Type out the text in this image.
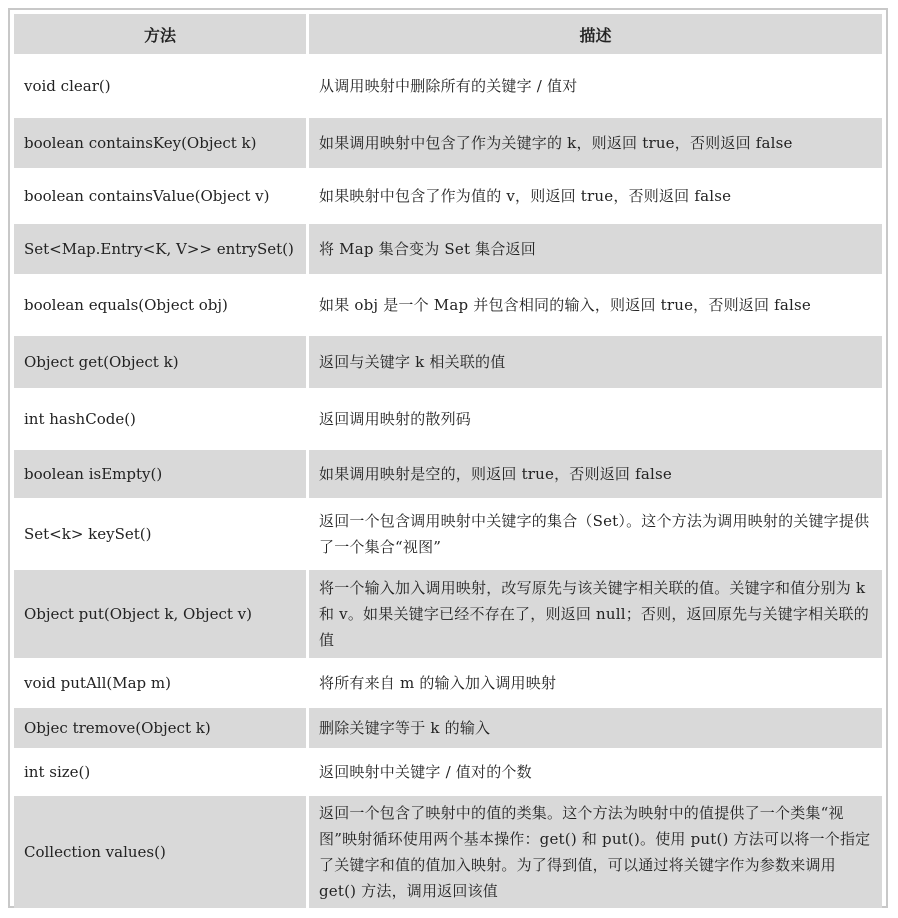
方法	描述
void clear()	从调用映射中删除所有的关键字 / 值对
boolean containsKey(Object k)	如果调用映射中包含了作为关键字的 k，则返回 true，否则返回 false
boolean containsValue(Object v)	如果映射中包含了作为值的 v，则返回 true，否则返回 false
Set<Map.Entry<K, V>> entrySet()	将 Map 集合变为 Set 集合返回
boolean equals(Object obj)	如果 obj 是一个 Map 并包含相同的输入，则返回 true，否则返回 false
Object get(Object k)	返回与关键字 k 相关联的值
int hashCode()	返回调用映射的散列码
boolean isEmpty()	如果调用映射是空的，则返回 true，否则返回 false
Set<k> keySet()	返回一个包含调用映射中关键字的集合（Set）。这个方法为调用映射的关键字提供了一个集合“视图”
Object put(Object k, Object v)	将一个输入加入调用映射，改写原先与该关键字相关联的值。关键字和值分别为 k 和 v。如果关键字已经不存在了，则返回 null；否则，返回原先与关键字相关联的值
void putAll(Map m)	将所有来自 m 的输入加入调用映射
Objec tremove(Object k)	删除关键字等于 k 的输入
int size()	返回映射中关键字 / 值对的个数
Collection values()	返回一个包含了映射中的值的类集。这个方法为映射中的值提供了一个类集“视图”映射循环使用两个基本操作：get() 和 put()。使用 put() 方法可以将一个指定了关键字和值的值加入映射。为了得到值，可以通过将关键字作为参数来调用 get() 方法，调用返回该值
